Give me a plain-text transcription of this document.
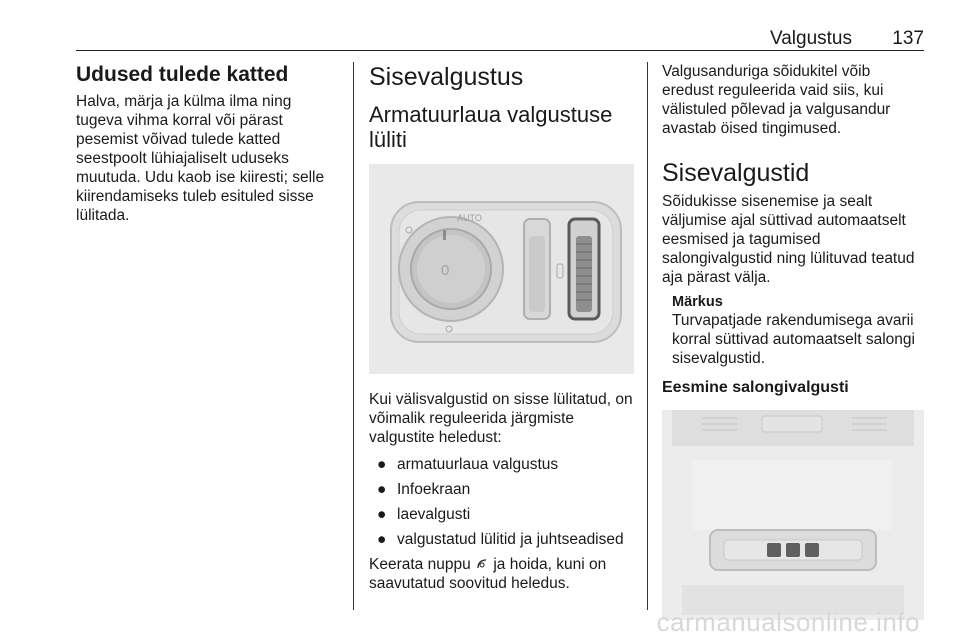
Valgustus 137
Udused tulede katted

Halva, märja ja külma ilma ning tugeva vihma korral või pärast pesemist võivad tulede katted seestpoolt lühiajaliselt uduseks muutuda. Udu kaob ise kiiresti; selle kiirendamiseks tuleb esituled sisse lülitada.

Sisevalgustus
Armatuurlaua valgustuse lüliti
AUTO
0

Kui välisvalgustid on sisse lülitatud, on võimalik reguleerida järgmiste valgustite heledust:

● armatuurlaua valgustus
● Infoekraan
● laevalgusti
● valgustatud lülitid ja juhtseadised

Keerata nuppu ja hoida, kuni on saavutatud soovitud heledus.

Valgusanduriga sõidukitel võib eredust reguleerida vaid siis, kui välistuled põlevad ja valgusandur avastab öised tingimused.

Sisevalgustid

Sõidukisse sisenemise ja sealt väljumise ajal süttivad automaatselt eesmised ja tagumised salongivalgustid ning lülituvad teatud aja pärast välja.

Märkus

Turvapatjade rakendumisega avarii korral süttivad automaatselt salongi sisevalgustid.

Eesmine salongivalgusti
carmanualsonline.info
